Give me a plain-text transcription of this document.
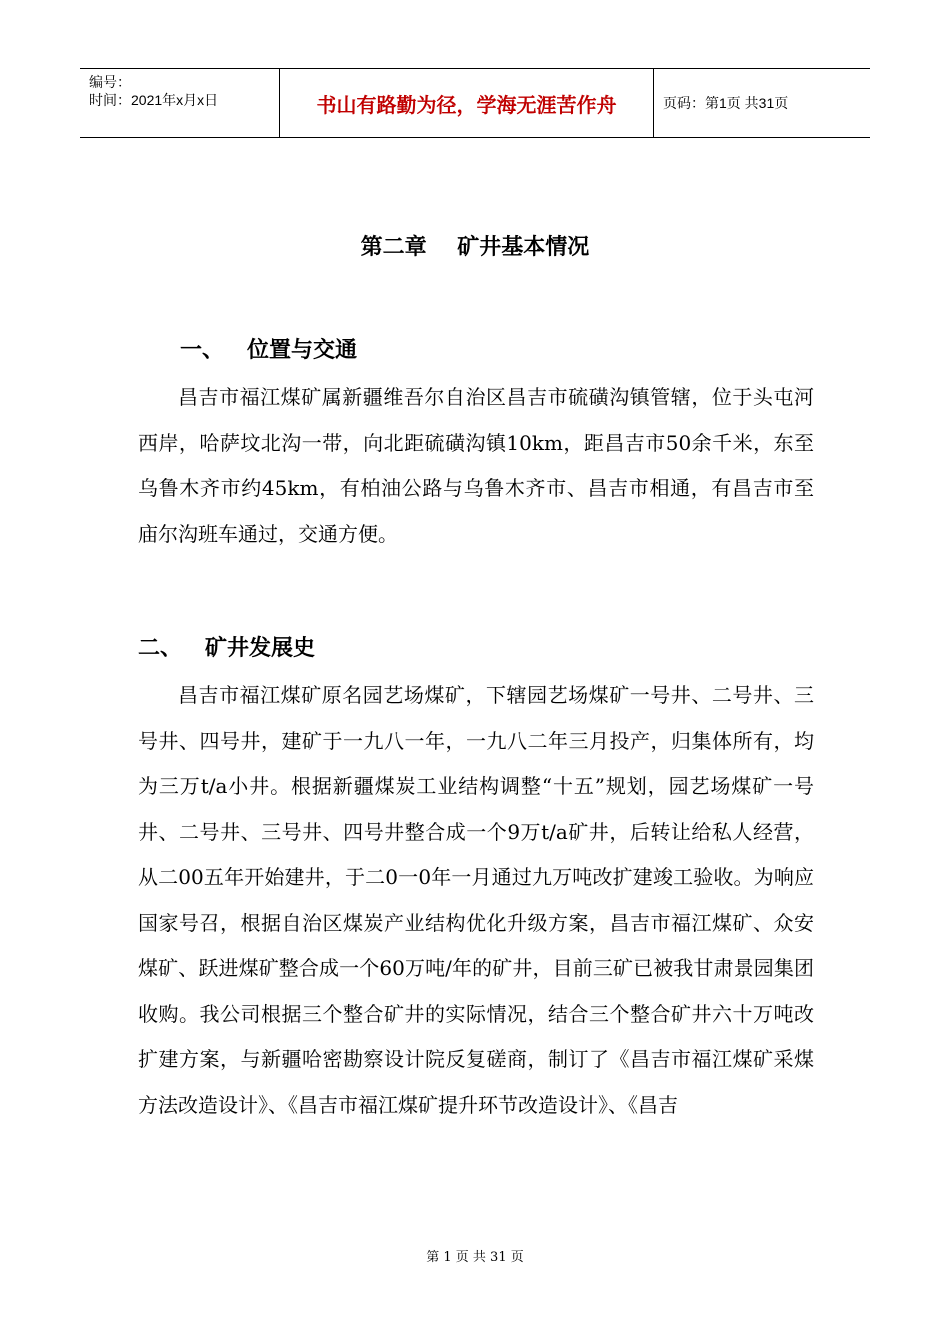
编号：
时间：2021年x月x日	书山有路勤为径，学海无涯苦作舟	页码：第1页 共31页
第二章    矿井基本情况
一、   位置与交通
昌吉市福江煤矿属新疆维吾尔自治区昌吉市硫磺沟镇管辖，位于头屯河西岸，哈萨坟北沟一带，向北距硫磺沟镇10km，距昌吉市50余千米，东至乌鲁木齐市约45km，有柏油公路与乌鲁木齐市、昌吉市相通，有昌吉市至庙尔沟班车通过，交通方便。
二、   矿井发展史
昌吉市福江煤矿原名园艺场煤矿，下辖园艺场煤矿一号井、二号井、三号井、四号井，建矿于一九八一年，一九八二年三月投产，归集体所有，均为三万t/a小井。根据新疆煤炭工业结构调整“十五”规划，园艺场煤矿一号井、二号井、三号井、四号井整合成一个9万t/a矿井，后转让给私人经营，从二00五年开始建井，于二0一0年一月通过九万吨改扩建竣工验收。为响应国家号召，根据自治区煤炭产业结构优化升级方案，昌吉市福江煤矿、众安煤矿、跃进煤矿整合成一个60万吨/年的矿井，目前三矿已被我甘肃景园集团收购。我公司根据三个整合矿井的实际情况，结合三个整合矿井六十万吨改扩建方案，与新疆哈密勘察设计院反复磋商，制订了《昌吉市福江煤矿采煤方法改造设计》、《昌吉市福江煤矿提升环节改造设计》、《昌吉
第 1 页 共 31 页
